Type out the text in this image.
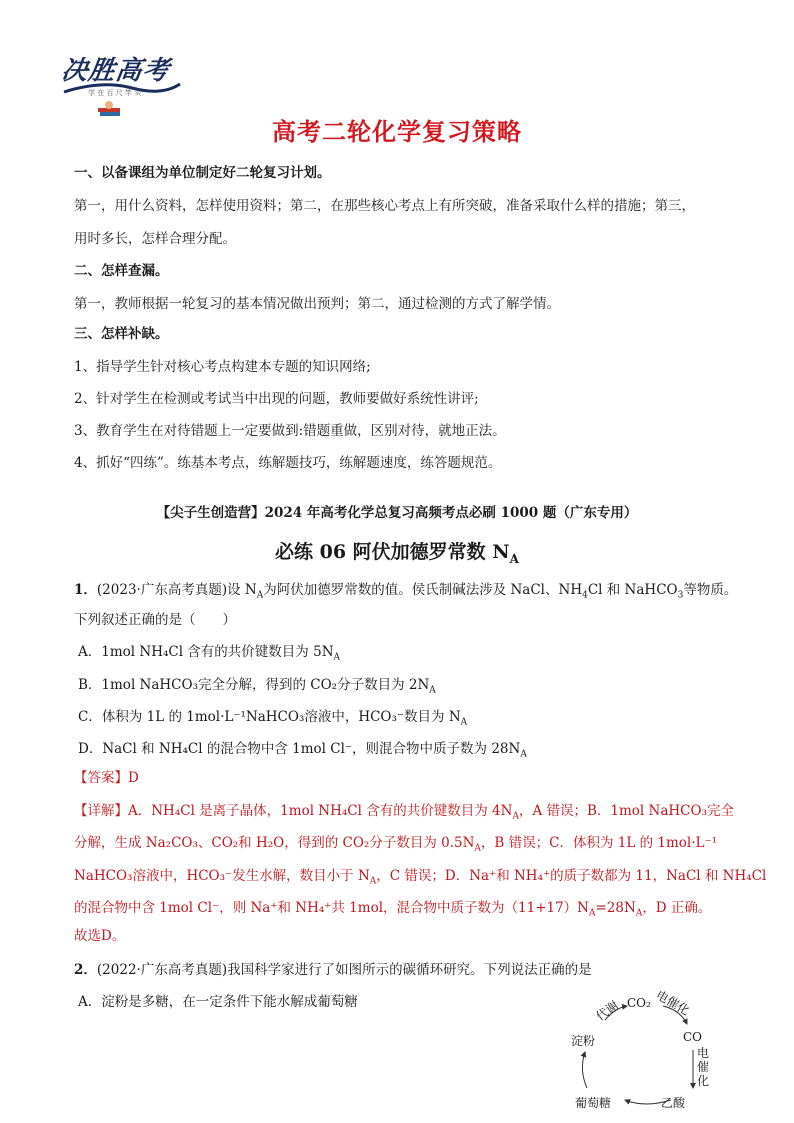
决胜高考
学 在 百 尺 竿 头
高考二轮化学复习策略
一、以备课组为单位制定好二轮复习计划。
第一，用什么资料，怎样使用资料；第二，在那些核心考点上有所突破，准备采取什么样的措施；第三，
用时多长，怎样合理分配。
二、怎样查漏。
第一，教师根据一轮复习的基本情况做出预判；第二，通过检测的方式了解学情。
三、怎样补缺。
1、指导学生针对核心考点构建本专题的知识网络;
2、针对学生在检测或考试当中出现的问题，教师要做好系统性讲评;
3、教育学生在对待错题上一定要做到:错题重做，区别对待，就地正法。
4、抓好“四练”。练基本考点，练解题技巧，练解题速度，练答题规范。
【尖子生创造营】2024 年高考化学总复习高频考点必刷 1000 题（广东专用）
必练 06 阿伏加德罗常数 $N_A$
1．(2023·广东高考真题)设 $N_A$为阿伏加德罗常数的值。侯氏制碱法涉及 NaCl、$NH_4Cl$ 和 NaHCO$_3$等物质。
下列叙述正确的是（　　）
A．1mol NH₄Cl 含有的共价键数目为 $5N_A$
B．1mol NaHCO₃完全分解，得到的 CO₂分子数目为 $2N_A$
C．体积为 1L 的 1mol·L⁻¹NaHCO₃溶液中，HCO₃⁻数目为 $N_A$
D．NaCl 和 NH₄Cl 的混合物中含 1mol Cl⁻，则混合物中质子数为 $28N_A$
【答案】D
【详解】A．NH₄Cl 是离子晶体，1mol NH₄Cl 含有的共价键数目为 $4N_A$，A 错误；B．1mol NaHCO₃完全
分解，生成 Na₂CO₃、CO₂和 H₂O，得到的 CO₂分子数目为 $0.5N_A$，B 错误；C．体积为 1L 的 1mol·L⁻¹
NaHCO₃溶液中，HCO₃⁻发生水解，数目小于 $N_A$，C 错误；D．Na⁺和 NH₄⁺的质子数都为 11，NaCl 和 NH₄Cl
的混合物中含 1mol Cl⁻，则 Na⁺和 NH₄⁺共 1mol，混合物中质子数为$(11+17)N_A=28N_A$，D 正确。
故选D。
2．(2022·广东高考真题)我国科学家进行了如图所示的碳循环研究。下列说法正确的是
A．淀粉是多糖，在一定条件下能水解成葡萄糖	CO₂
CO
淀粉
葡萄糖	乙酸
代谢	电催化
电
催
化
